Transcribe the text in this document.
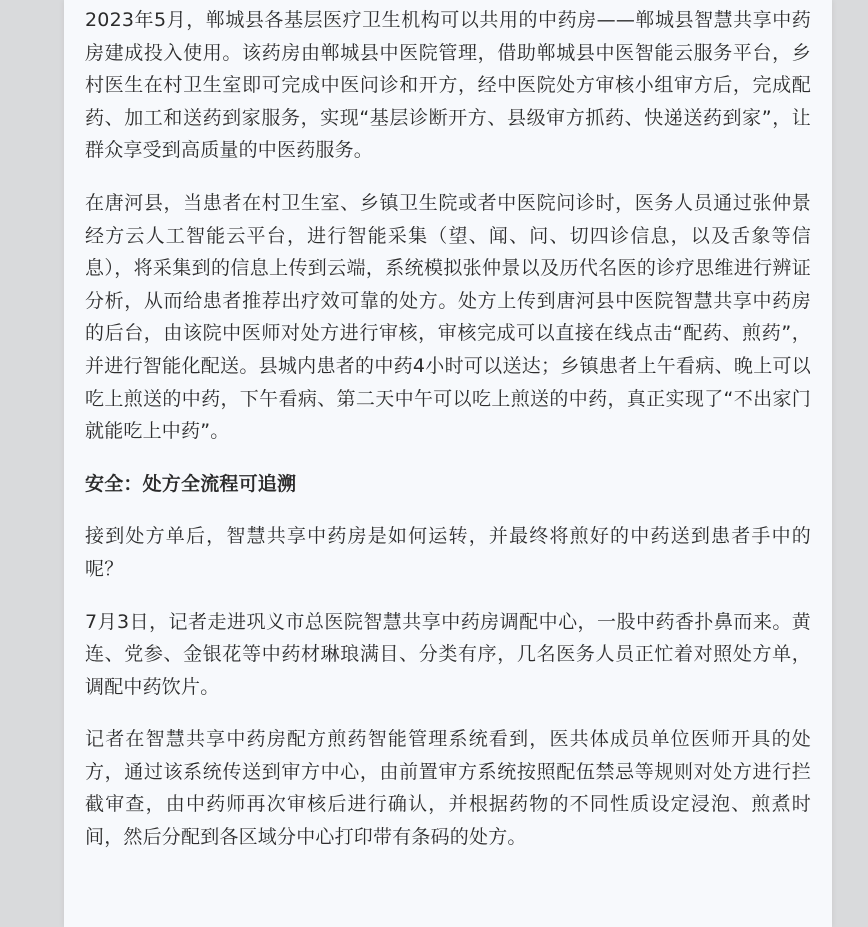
2023年5月，郸城县各基层医疗卫生机构可以共用的中药房——郸城县智慧共享中药房建成投入使用。该药房由郸城县中医院管理，借助郸城县中医智能云服务平台，乡村医生在村卫生室即可完成中医问诊和开方，经中医院处方审核小组审方后，完成配药、加工和送药到家服务，实现“基层诊断开方、县级审方抓药、快递送药到家”，让群众享受到高质量的中医药服务。

在唐河县，当患者在村卫生室、乡镇卫生院或者中医院问诊时，医务人员通过张仲景经方云人工智能云平台，进行智能采集（望、闻、问、切四诊信息，以及舌象等信息），将采集到的信息上传到云端，系统模拟张仲景以及历代名医的诊疗思维进行辨证分析，从而给患者推荐出疗效可靠的处方。处方上传到唐河县中医院智慧共享中药房的后台，由该院中医师对处方进行审核，审核完成可以直接在线点击“配药、煎药”，并进行智能化配送。县城内患者的中药4小时可以送达；乡镇患者上午看病、晚上可以吃上煎送的中药，下午看病、第二天中午可以吃上煎送的中药，真正实现了“不出家门就能吃上中药”。

安全：处方全流程可追溯

接到处方单后，智慧共享中药房是如何运转，并最终将煎好的中药送到患者手中的呢？

7月3日，记者走进巩义市总医院智慧共享中药房调配中心，一股中药香扑鼻而来。黄连、党参、金银花等中药材琳琅满目、分类有序，几名医务人员正忙着对照处方单，调配中药饮片。

记者在智慧共享中药房配方煎药智能管理系统看到，医共体成员单位医师开具的处方，通过该系统传送到审方中心，由前置审方系统按照配伍禁忌等规则对处方进行拦截审查，由中药师再次审核后进行确认，并根据药物的不同性质设定浸泡、煎煮时间，然后分配到各区域分中心打印带有条码的处方。
